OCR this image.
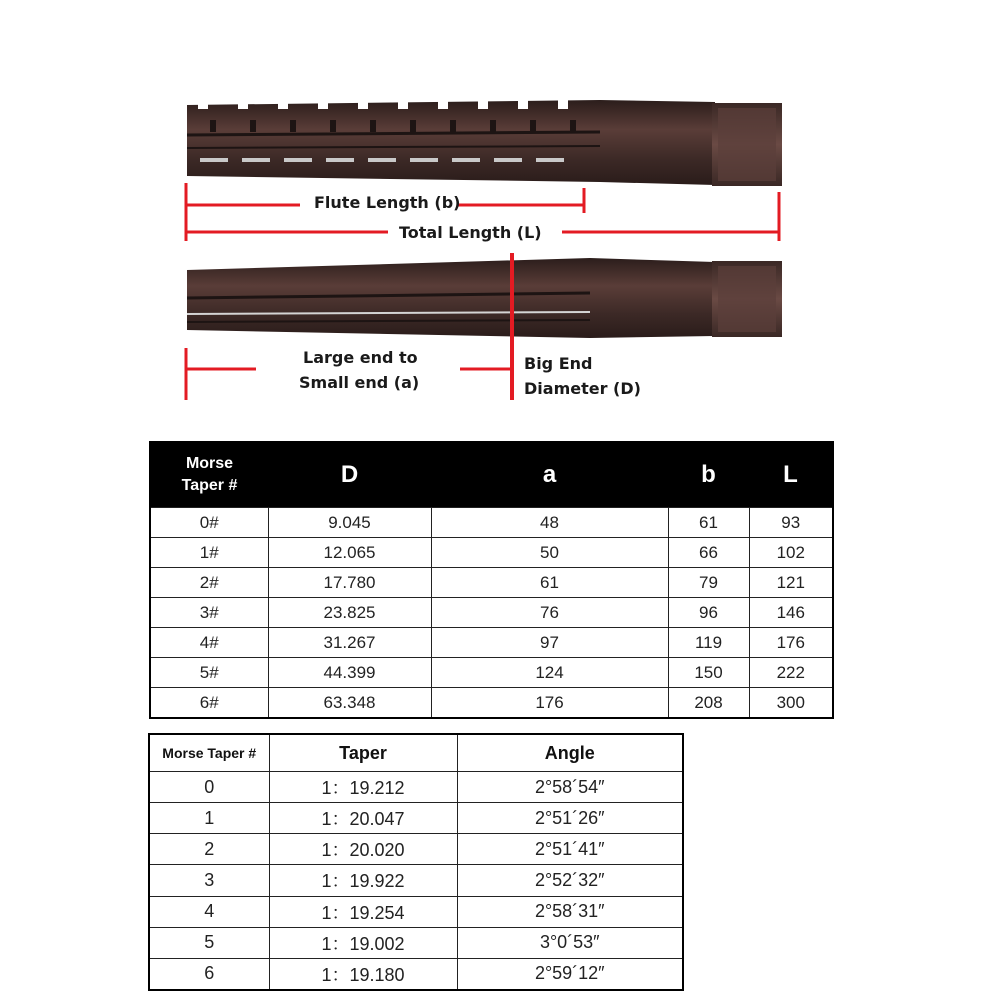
Flute Length (b)
Total Length (L)
Large end to
Small end (a)
Big End
Diameter (D)
Morse
Taper #	D	a	b	L
0#	9.045	48	61	93
1#	12.065	50	66	102
2#	17.780	61	79	121
3#	23.825	76	96	146
4#	31.267	97	119	176
5#	44.399	124	150	222
6#	63.348	176	208	300
Morse Taper #	Taper	Angle
0	1：19.212	2°58´54″
1	1：20.047	2°51´26″
2	1：20.020	2°51´41″
3	1：19.922	2°52´32″
4	1：19.254	2°58´31″
5	1：19.002	3°0´53″
6	1：19.180	2°59´12″
